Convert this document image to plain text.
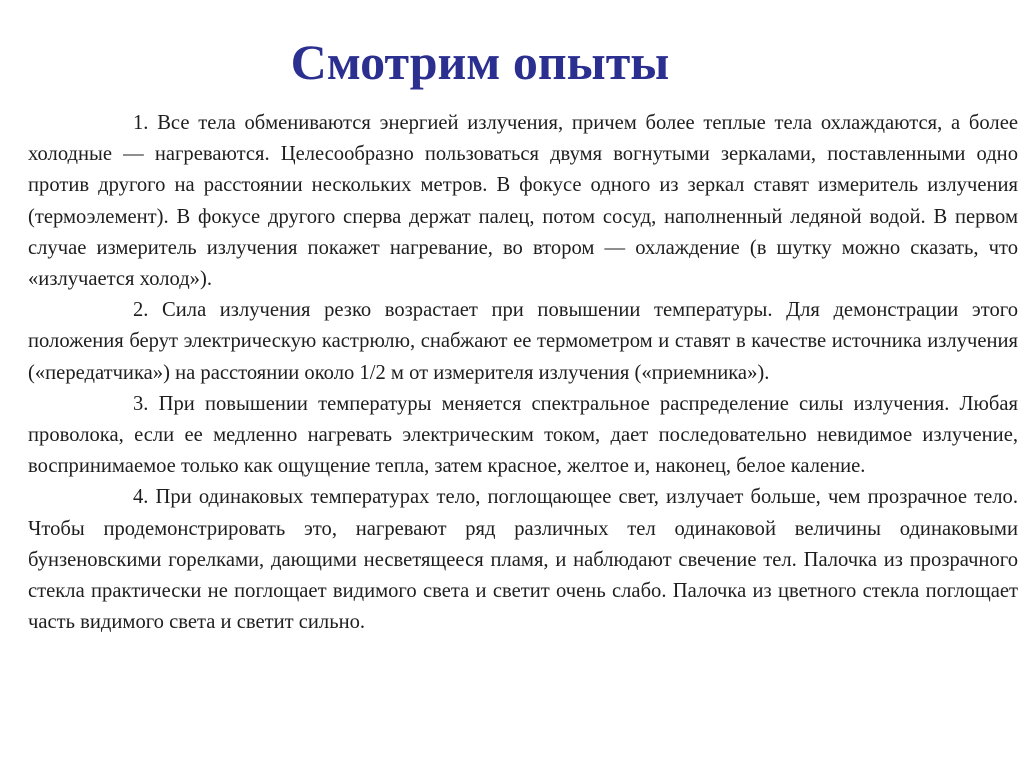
Смотрим опыты

1. Все тела обмениваются энергией излучения, причем более теплые тела охлаждаются, а более холодные — нагреваются. Целесообразно пользоваться двумя вогнутыми зеркалами, поставленными одно против другого на расстоянии нескольких метров. В фокусе одного из зеркал ставят измеритель излучения (термоэлемент). В фокусе другого сперва держат палец, потом сосуд, наполненный ледяной водой. В первом случае измеритель излучения покажет нагревание, во втором — охлаждение (в шутку можно сказать, что «излучается холод»).

2. Сила излучения резко возрастает при повышении температуры. Для демонстрации этого положения берут электрическую кастрюлю, снабжают ее термометром и ставят в качестве источника излучения («передатчика») на расстоянии около 1/2 м от измерителя излучения («приемника»).

3. При повышении температуры меняется спектральное распределение силы излучения. Любая проволока, если ее медленно нагревать электрическим током, дает последовательно невидимое излучение, воспринимаемое только как ощущение тепла, затем красное, желтое и, наконец, белое каление.

4. При одинаковых температурах тело, поглощающее свет, излучает больше, чем прозрачное тело. Чтобы продемонстрировать это, нагревают ряд различных тел одинаковой величины одинаковыми бунзеновскими горелками, дающими несветящееся пламя, и наблюдают свечение тел. Палочка из прозрачного стекла практически не поглощает видимого света и светит очень слабо. Палочка из цветного стекла поглощает часть видимого света и светит сильно.
